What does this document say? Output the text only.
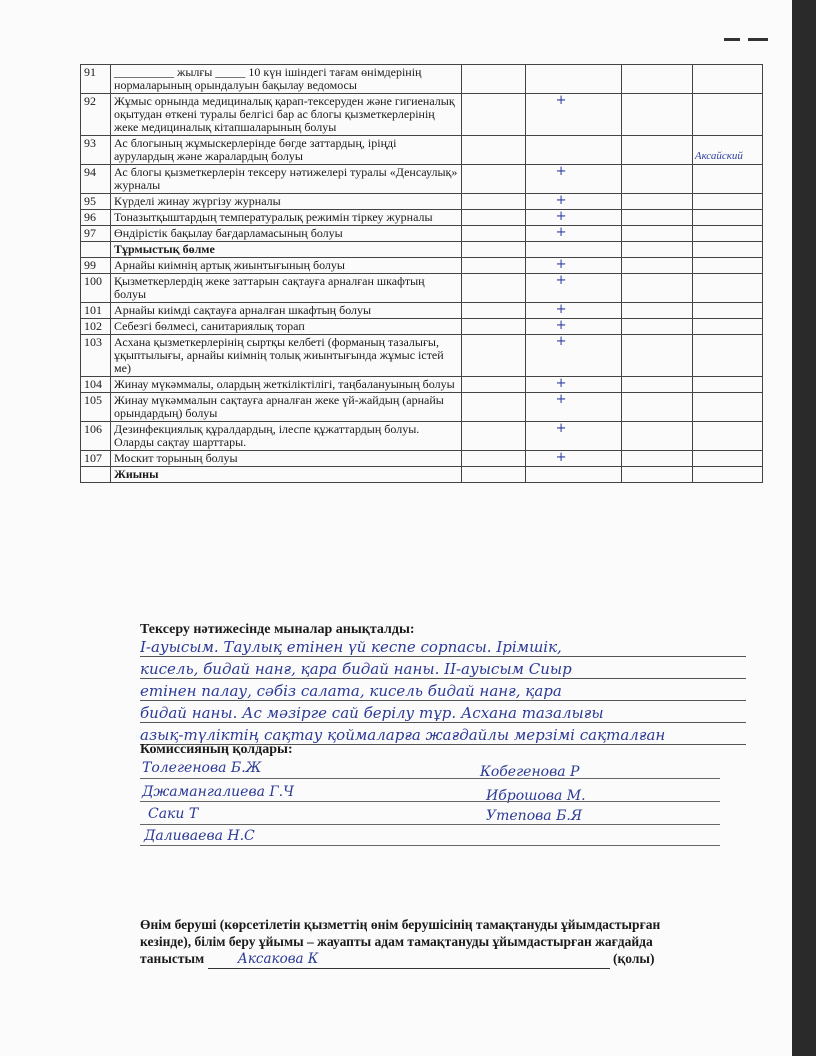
91	__________ жылғы _____ 10 күн ішіндегі тағам өнімдерінің нормаларының орындалуын бақылау ведомосы				
92	Жұмыс орнында медициналық қарап-тексеруден және гигиеналық оқытудан өткені туралы белгісі бар ас блогы қызметкерлерінің жеке медициналық кітапшаларының болуы		+		

93	Ас блогының жұмыскерлерінде бөгде заттардың, іріңді аурулардың және жаралардың болуы				Аксайский

94	Ас блогы қызметкерлерін тексеру нәтижелері туралы «Денсаулық» журналы		+		

95	Күрделі жинау жүргізу журналы		+		

96	Тоназытқыштардың температуралық режимін тіркеу журналы		+		

97	Өндірістік бақылау бағдарламасының болуы		+		

	Тұрмыстық бөлме				
99	Арнайы киімнің артық жиынтығының болуы		+		

100	Қызметкерлердің жеке заттарын сақтауға арналған шкафтың болуы		+		

101	Арнайы киімді сақтауға арналған шкафтың болуы		+		

102	Себезгі бөлмесі, санитариялық торап		+		

103	Асхана қызметкерлерінің сыртқы келбеті (форманың тазалығы, ұқыптылығы, арнайы киімнің толық жиынтығында жұмыс істей ме)		+		

104	Жинау мүкәммалы, олардың жеткіліктілігі, таңбалануының болуы		+		

105	Жинау мүкәммалын сақтауға арналған жеке үй-жайдың (арнайы орындардың) болуы		+		

106	Дезинфекциялық құралдардың, ілеспе құжаттардың болуы. Оларды сақтау шарттары.		+		

107	Москит торының болуы		+		

	Жиыны				
Тексеру нәтижесінде мыналар анықталды:
I-ауысым. Таулық етінен үй кеспе сорпасы. Ірімшік,
кисель, бидай нанғ, қара бидай наны. II-ауысым Сиыр
етінен палау, сәбіз салата, кисель бидай нанғ, қара
бидай наны. Ас мәзірге сай берілу тұр. Асхана тазалығы
азық-түліктің сақтау қоймаларға жағдайлы мерзімі сақталған
Комиссияның қолдары:
Толегенова Б.Ж	Кобегенова Р
Джамангалиева Г.Ч	Иброшова М.
Саки Т	Утепова Б.Я
Даливаева Н.С
Өнім беруші (көрсетілетін қызметтің өнім берушісінің тамақтануды ұйымдастырған
кезінде), білім беру ұйымы – жауапты адам тамақтануды ұйымдастырған жағдайда
таныстым Аксакова К	(қолы)
